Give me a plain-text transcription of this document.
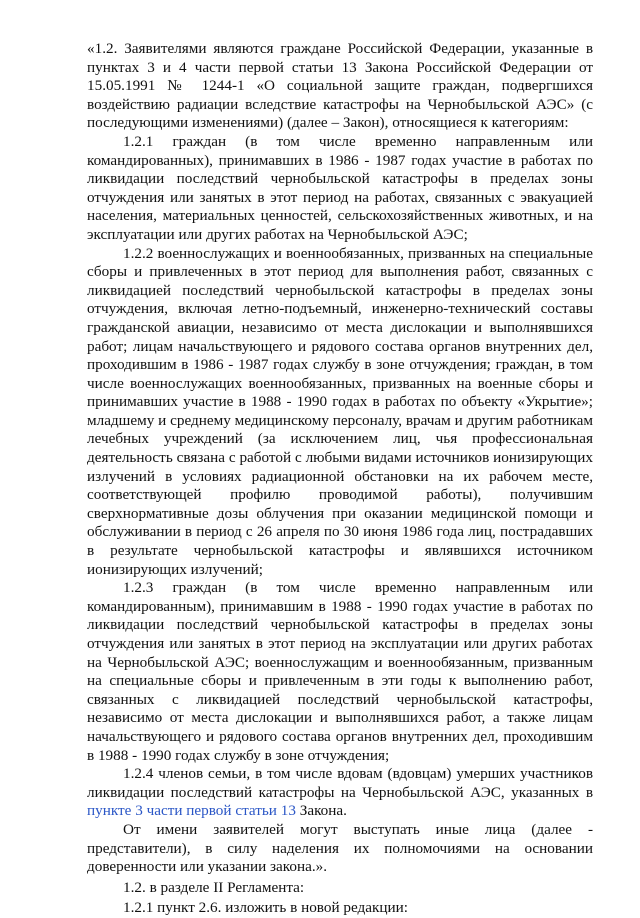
«1.2. Заявителями являются граждане Российской Федерации, указанные в пунктах 3 и 4 части первой статьи 13 Закона Российской Федерации от 15.05.1991 № 1244-1 «О социальной защите граждан, подвергшихся воздействию радиации вследствие катастрофы на Чернобыльской АЭС» (с последующими изменениями) (далее – Закон), относящиеся к категориям:

1.2.1 граждан (в том числе временно направленным или командированных), принимавших в 1986 - 1987 годах участие в работах по ликвидации последствий чернобыльской катастрофы в пределах зоны отчуждения или занятых в этот период на работах, связанных с эвакуацией населения, материальных ценностей, сельскохозяйственных животных, и на эксплуатации или других работах на Чернобыльской АЭС;

1.2.2 военнослужащих и военнообязанных, призванных на специальные сборы и привлеченных в этот период для выполнения работ, связанных с ликвидацией последствий чернобыльской катастрофы в пределах зоны отчуждения, включая летно-подъемный, инженерно-технический составы гражданской авиации, независимо от места дислокации и выполнявшихся работ; лицам начальствующего и рядового состава органов внутренних дел, проходившим в 1986 - 1987 годах службу в зоне отчуждения; граждан, в том числе военнослужащих военнообязанных, призванных на военные сборы и принимавших участие в 1988 - 1990 годах в работах по объекту «Укрытие»; младшему и среднему медицинскому персоналу, врачам и другим работникам лечебных учреждений (за исключением лиц, чья профессиональная деятельность связана с работой с любыми видами источников ионизирующих излучений в условиях радиационной обстановки на их рабочем месте, соответствующей профилю проводимой работы), получившим сверхнормативные дозы облучения при оказании медицинской помощи и обслуживании в период с 26 апреля по 30 июня 1986 года лиц, пострадавших в результате чернобыльской катастрофы и являвшихся источником ионизирующих излучений;

1.2.3 граждан (в том числе временно направленным или командированным), принимавшим в 1988 - 1990 годах участие в работах по ликвидации последствий чернобыльской катастрофы в пределах зоны отчуждения или занятых в этот период на эксплуатации или других работах на Чернобыльской АЭС; военнослужащим и военнообязанным, призванным на специальные сборы и привлеченным в эти годы к выполнению работ, связанных с ликвидацией последствий чернобыльской катастрофы, независимо от места дислокации и выполнявшихся работ, а также лицам начальствующего и рядового состава органов внутренних дел, проходившим в 1988 - 1990 годах службу в зоне отчуждения;

1.2.4 членов семьи, в том числе вдовам (вдовцам) умерших участников ликвидации последствий катастрофы на Чернобыльской АЭС, указанных в пункте 3 части первой статьи 13 Закона.

От имени заявителей могут выступать иные лица (далее - представители), в силу наделения их полномочиями на основании доверенности или указании закона.».

1.2. в разделе II Регламента:

1.2.1 пункт 2.6. изложить в новой редакции:
